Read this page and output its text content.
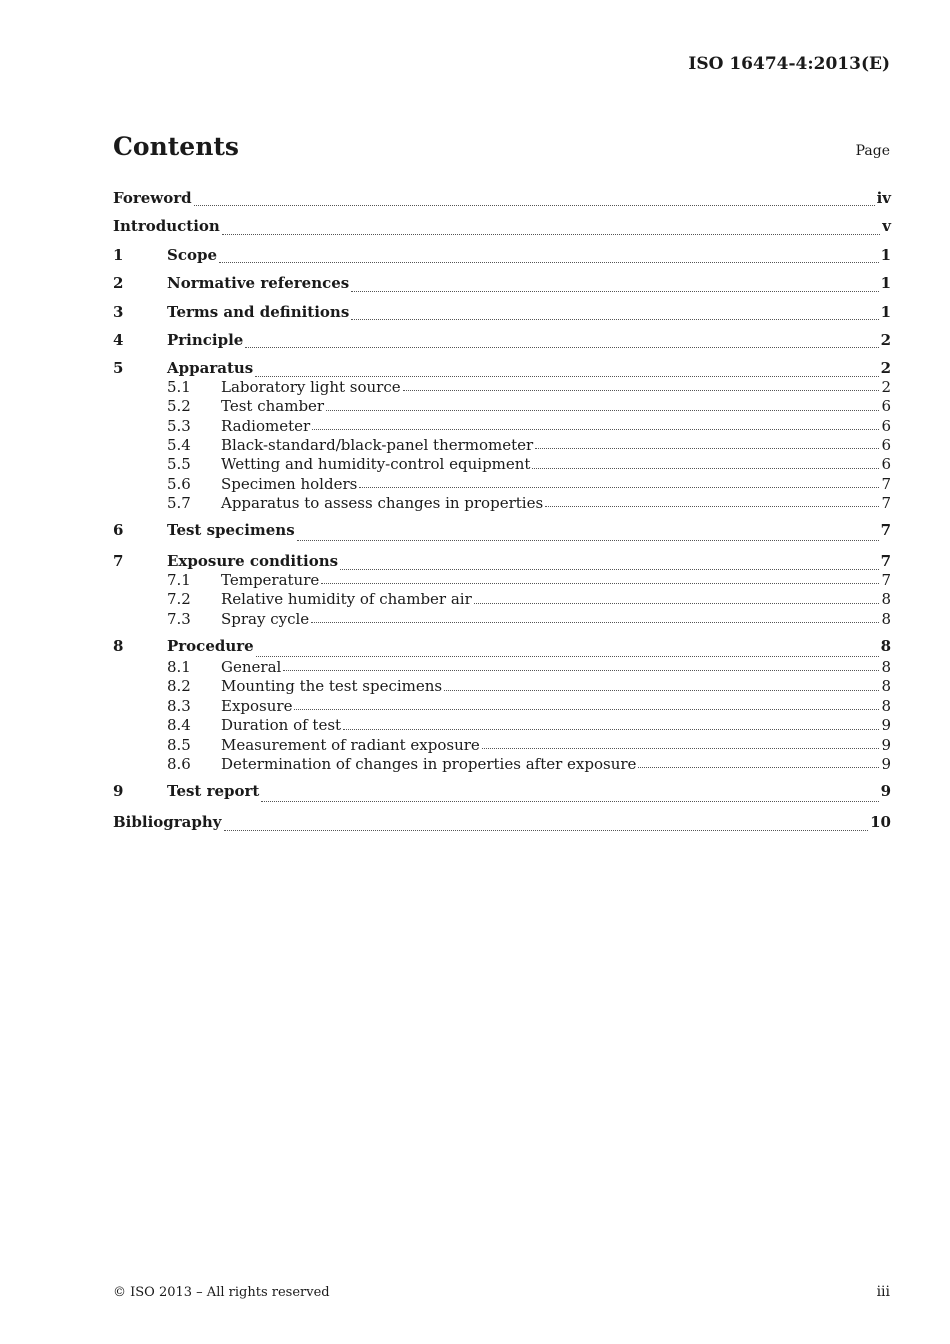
ISO 16474-4:2013(E)
Contents	Page
Foreword	iv
Introduction	v
1	Scope	1
2	Normative references	1
3	Terms and definitions	1
4	Principle	2
5	Apparatus	2
5.1	Laboratory light source	2
5.2	Test chamber	6
5.3	Radiometer	6
5.4	Black-standard/black-panel thermometer	6
5.5	Wetting and humidity-control equipment	6
5.6	Specimen holders	7
5.7	Apparatus to assess changes in properties	7
6	Test specimens	7
7	Exposure conditions	7
7.1	Temperature	7
7.2	Relative humidity of chamber air	8
7.3	Spray cycle	8
8	Procedure	8
8.1	General	8
8.2	Mounting the test specimens	8
8.3	Exposure	8
8.4	Duration of test	9
8.5	Measurement of radiant exposure	9
8.6	Determination of changes in properties after exposure	9
9	Test report	9
Bibliography	10
© ISO 2013 – All rights reserved	iii
